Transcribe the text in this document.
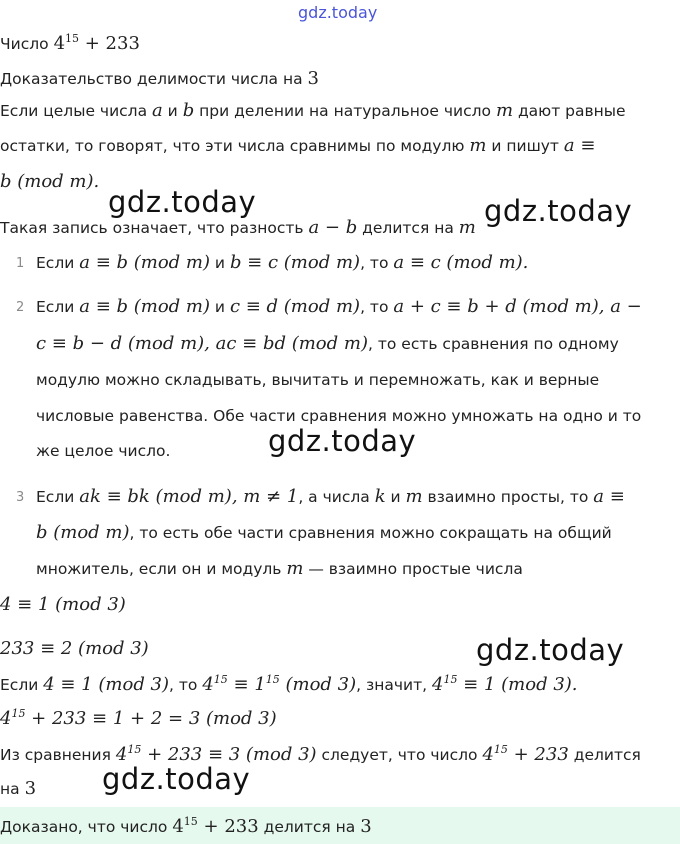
gdz.today
Число $4^{15} + 233$
Доказательство делимости числа на 3
Если целые числа a и b при делении на натуральное число m дают равные
остатки, то говорят, что эти числа сравнимы по модулю m и пишут a ≡
b (mod m).
gdz.today	gdz.today
Такая запись означает, что разность a − b делится на m
1 Если a ≡ b (mod m) и b ≡ c (mod m), то a ≡ c (mod m).
2 Если a ≡ b (mod m) и c ≡ d (mod m), то a + c ≡ b + d (mod m), a −
c ≡ b − d (mod m), ac ≡ bd (mod m), то есть сравнения по одному
модулю можно складывать, вычитать и перемножать, как и верные
числовые равенства. Обе части сравнения можно умножать на одно и то
же целое число.	gdz.today
3 Если ak ≡ bk (mod m), m ≠ 1, а числа k и m взаимно просты, то a ≡
b (mod m), то есть обе части сравнения можно сокращать на общий
множитель, если он и модуль m — взаимно простые числа
4 ≡ 1 (mod 3)
233 ≡ 2 (mod 3)	gdz.today
Если 4 ≡ 1 (mod 3), то $4^{15} \equiv 1^{15}$ (mod 3), значит, $4^{15} \equiv 1$ (mod 3).
$4^{15} + 233 \equiv 1 + 2 = 3$ (mod 3)
Из сравнения $4^{15} + 233 \equiv 3$ (mod 3) следует, что число $4^{15} + 233$ делится
на 3 gdz.today
Доказано, что число $4^{15} + 233$ делится на 3
